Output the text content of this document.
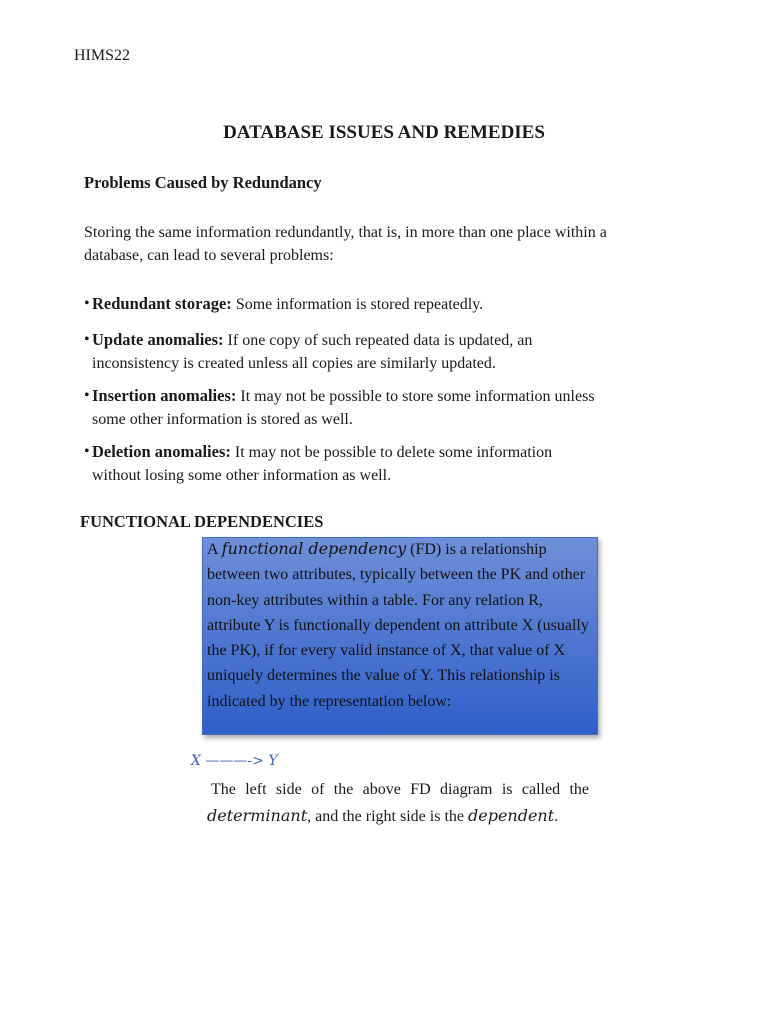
HIMS22
DATABASE ISSUES AND REMEDIES
Problems Caused by Redundancy
Storing the same information redundantly, that is, in more than one place within a database, can lead to several problems:
• Redundant storage: Some information is stored repeatedly.
• Update anomalies: If one copy of such repeated data is updated, an inconsistency is created unless all copies are similarly updated.
• Insertion anomalies: It may not be possible to store some information unless some other information is stored as well.
• Deletion anomalies: It may not be possible to delete some information without losing some other information as well.
FUNCTIONAL DEPENDENCIES
A functional dependency (FD) is a relationship between two attributes, typically between the PK and other non-key attributes within a table. For any relation R, attribute Y is functionally dependent on attribute X (usually the PK), if for every valid instance of X, that value of X uniquely determines the value of Y. This relationship is indicated by the representation below:
X ———-> Y
The left side of the above FD diagram is called the
determinant, and the right side is the dependent.
